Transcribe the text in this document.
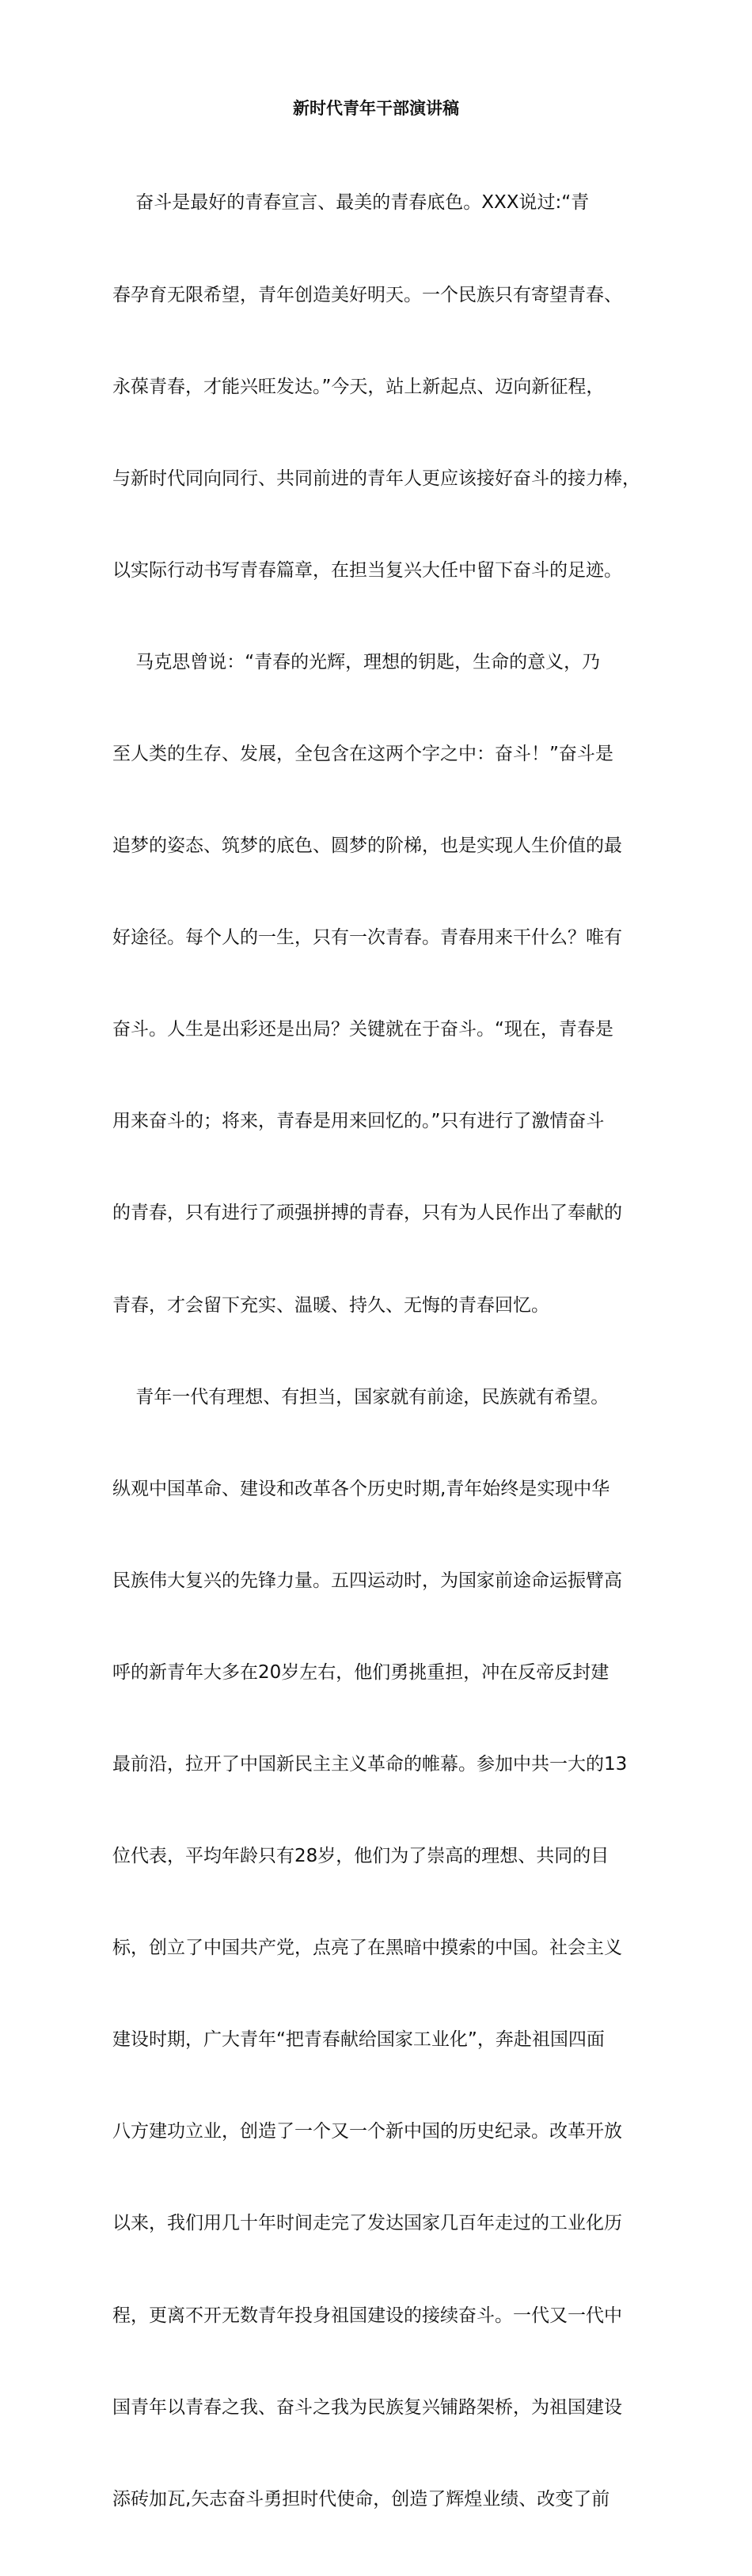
新时代青年干部演讲稿

奋斗是最好的青春宣言、最美的青春底色。XXX说过:“青

春孕育无限希望，青年创造美好明天。一个民族只有寄望青春、

永葆青春，才能兴旺发达。”今天，站上新起点、迈向新征程，

与新时代同向同行、共同前进的青年人更应该接好奋斗的接力棒，

以实际行动书写青春篇章，在担当复兴大任中留下奋斗的足迹。

马克思曾说：“青春的光辉，理想的钥匙，生命的意义，乃

至人类的生存、发展，全包含在这两个字之中：奋斗！”奋斗是

追梦的姿态、筑梦的底色、圆梦的阶梯，也是实现人生价值的最

好途径。每个人的一生，只有一次青春。青春用来干什么？唯有

奋斗。人生是出彩还是出局？关键就在于奋斗。“现在，青春是

用来奋斗的；将来，青春是用来回忆的。”只有进行了激情奋斗

的青春，只有进行了顽强拼搏的青春，只有为人民作出了奉献的

青春，才会留下充实、温暖、持久、无悔的青春回忆。

青年一代有理想、有担当，国家就有前途，民族就有希望。

纵观中国革命、建设和改革各个历史时期,青年始终是实现中华

民族伟大复兴的先锋力量。五四运动时，为国家前途命运振臂高

呼的新青年大多在20岁左右，他们勇挑重担，冲在反帝反封建

最前沿，拉开了中国新民主主义革命的帷幕。参加中共一大的13

位代表，平均年龄只有28岁，他们为了崇高的理想、共同的目

标，创立了中国共产党，点亮了在黑暗中摸索的中国。社会主义

建设时期，广大青年“把青春献给国家工业化”，奔赴祖国四面

八方建功立业，创造了一个又一个新中国的历史纪录。改革开放

以来，我们用几十年时间走完了发达国家几百年走过的工业化历

程，更离不开无数青年投身祖国建设的接续奋斗。一代又一代中

国青年以青春之我、奋斗之我为民族复兴铺路架桥，为祖国建设

添砖加瓦,矢志奋斗勇担时代使命，创造了辉煌业绩、改变了前
